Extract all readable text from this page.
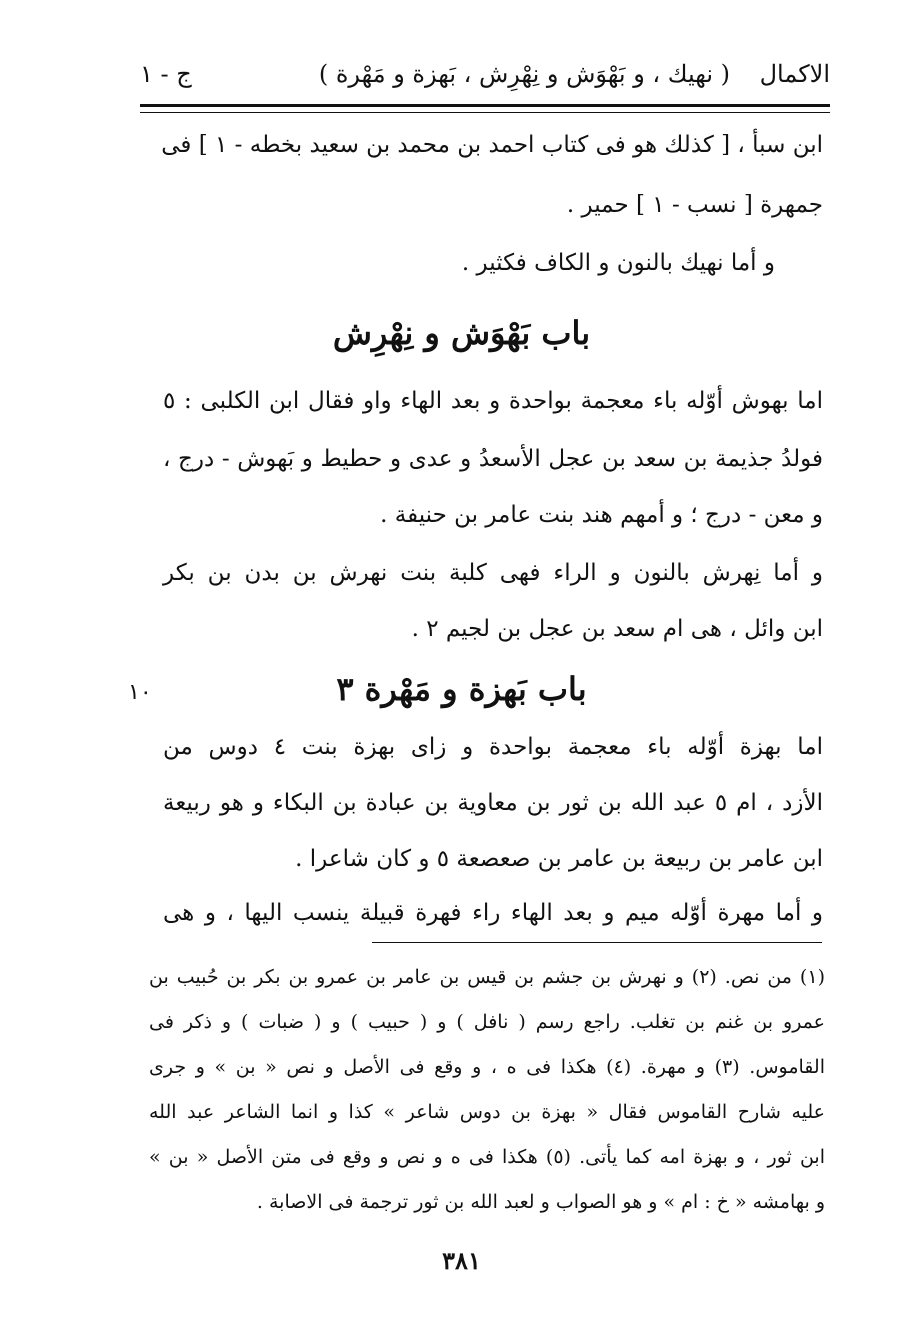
الاكمال
( نهيك ، و بَهْوَش و نِهْرِش ، بَهزة و مَهْرة )
ج - ١
ابن سبأ ، [ كذلك هو فى كتاب احمد بن محمد بن سعيد بخطه - ١ ] فى
جمهرة [ نسب - ١ ] حمير .
و أما نهيك بالنون و الكاف فكثير .
باب بَهْوَش و نِهْرِش
اما بهوش أوّله باء معجمة بواحدة و بعد الهاء واو فقال ابن الكلبى : ٥
فولدُ جذيمة بن سعد بن عجل الأسعدُ و عدى و حطيط و بَهوش - درج ،
و معن - درج ؛ و أمهم هند بنت عامر بن حنيفة .
و أما نِهرش بالنون و الراء فهى كلبة بنت نهرش بن بدن بن بكر
ابن وائل ، هى ام سعد بن عجل بن لجيم ٢ .
باب بَهزة و مَهْرة ٣
١٠
اما بهزة أوّله باء معجمة بواحدة و زاى بهزة بنت ٤ دوس من
الأزد ، ام ٥ عبد الله بن ثور بن معاوية بن عبادة بن البكاء و هو ربيعة
ابن عامر بن ربيعة بن عامر بن صعصعة ٥ و كان شاعرا .
و أما مهرة أوّله ميم و بعد الهاء راء فهرة قبيلة ينسب اليها ، و هى
(١) من نص. (٢) و نهرش بن جشم بن قيس بن عامر بن عمرو بن بكر بن حُبيب بن
عمرو بن غنم بن تغلب. راجع رسم ( نافل ) و ( حبيب ) و ( ضبات ) و ذكر فى
القاموس. (٣) و مهرة. (٤) هكذا فى ه ، و وقع فى الأصل و نص « بن » و جرى
عليه شارح القاموس فقال « بهزة بن دوس شاعر » كذا و انما الشاعر عبد الله
ابن ثور ، و بهزة امه كما يأتى. (٥) هكذا فى ه و نص و وقع فى متن الأصل « بن »
و بهامشه « خ : ام » و هو الصواب و لعبد الله بن ثور ترجمة فى الاصابة .
٣٨١
